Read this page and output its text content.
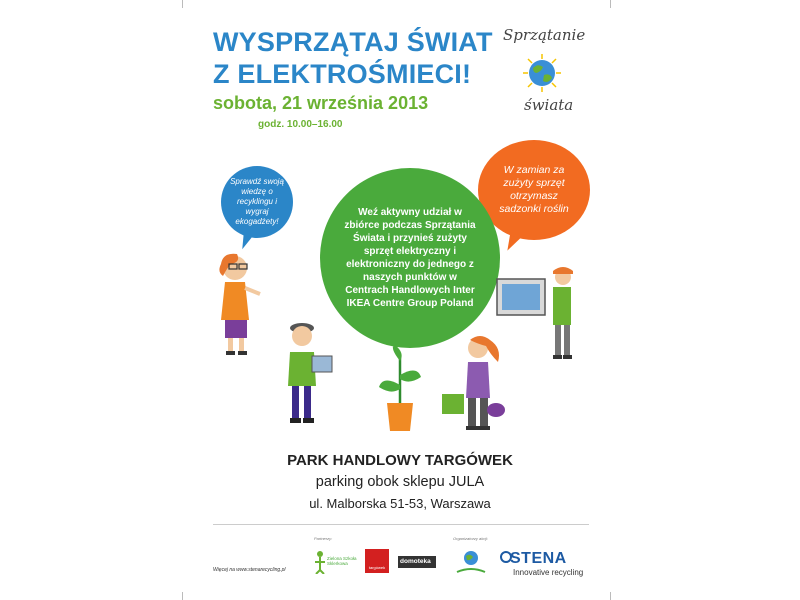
WYSPRZĄTAJ ŚWIAT
Z ELEKTROŚMIECI!
sobota, 21 września 2013
godz. 10.00–16.00
Sprzątanie
świata
Sprawdź swoją wiedzę o recyklingu i wygraj ekogadżety!
W zamian za zużyty sprzęt otrzymasz sadzonki roślin
Weź aktywny udział w zbiórce podczas Sprzątania Świata i przynieś zużyty sprzęt elektryczny i elektroniczny do jednego z naszych punktów w Centrach Handlowych Inter IKEA Centre Group Poland
PARK HANDLOWY TARGÓWEK
parking obok sklepu JULA
ul. Malborska 51-53, Warszawa
Partnerzy:	Organizatorzy akcji:
Więcej na www.stenarecycling.pl
Zielona Szkoła Sklerkowa
targówek
domoteka	STENA
Innovative recycling
